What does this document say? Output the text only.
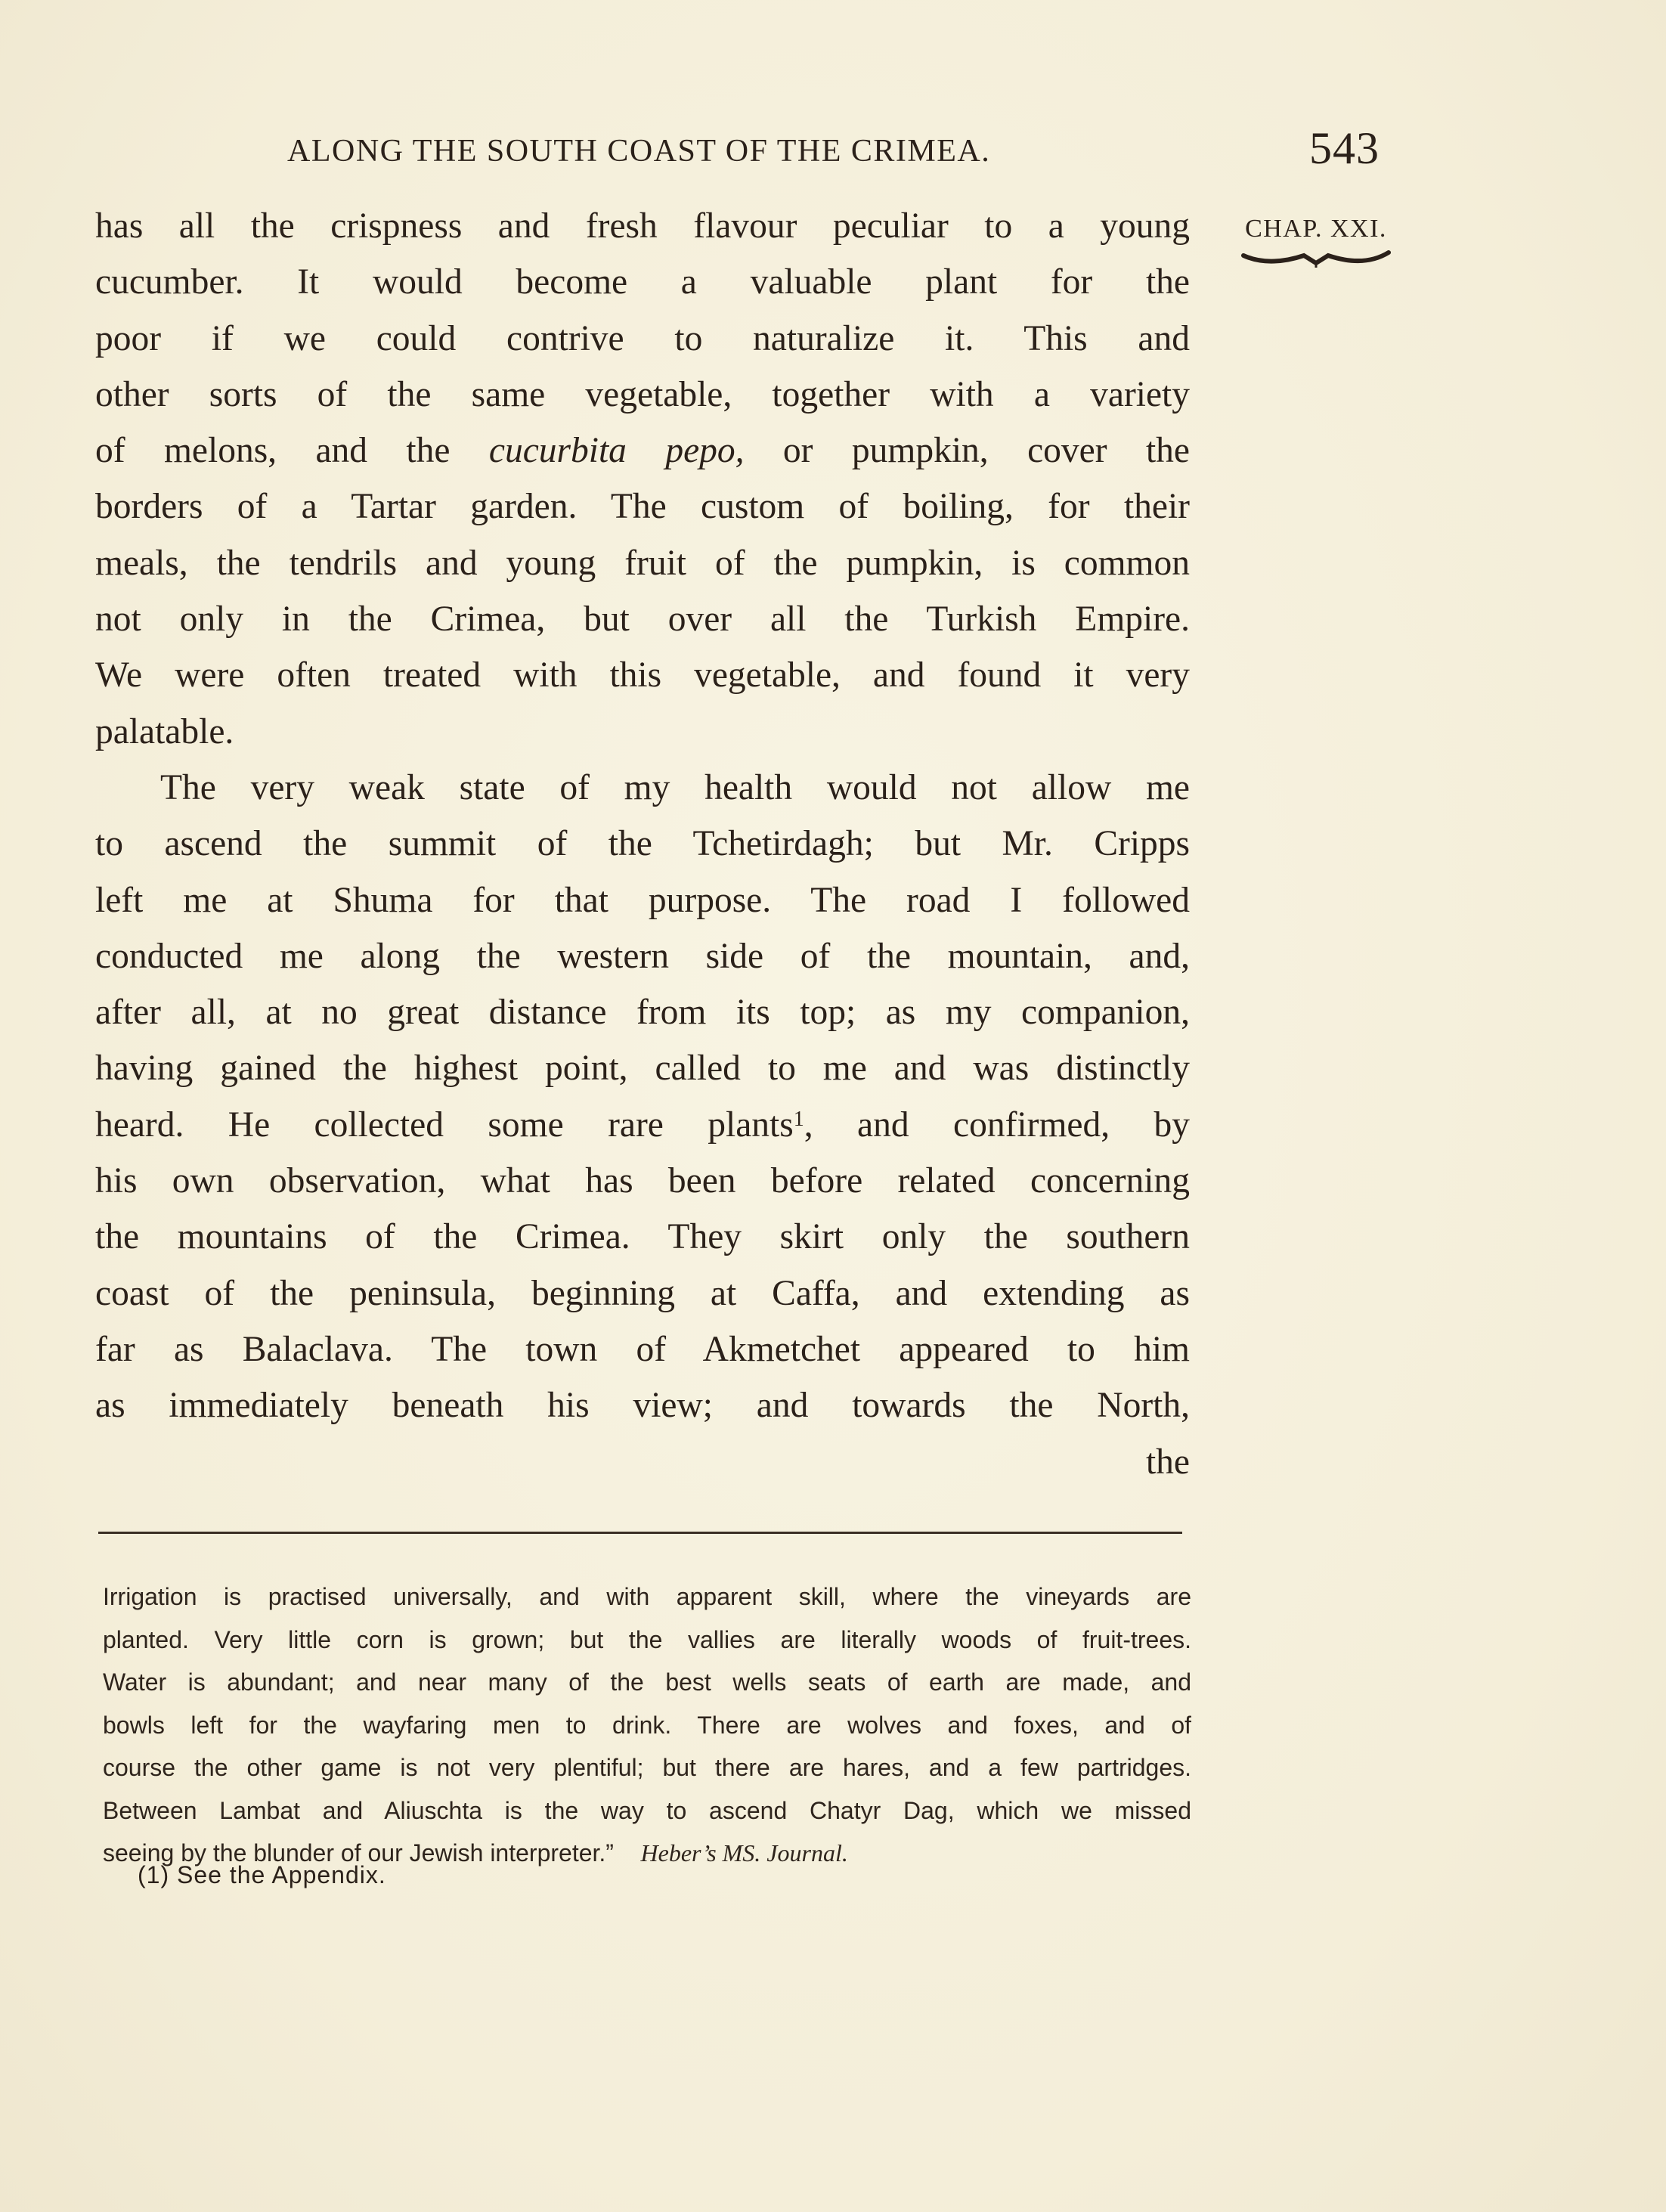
ALONG THE SOUTH COAST OF THE CRIMEA.	543
CHAP. XXI.
has all the crispness and fresh flavour peculiar to a young
cucumber. It would become a valuable plant for the
poor if we could contrive to naturalize it. This and
other sorts of the same vegetable, together with a variety
of melons, and the cucurbita pepo, or pumpkin, cover the
borders of a Tartar garden. The custom of boiling, for their
meals, the tendrils and young fruit of the pumpkin, is common
not only in the Crimea, but over all the Turkish Empire.
We were often treated with this vegetable, and found it very
palatable.
The very weak state of my health would not allow me
to ascend the summit of the Tchetirdagh; but Mr. Cripps
left me at Shuma for that purpose. The road I followed
conducted me along the western side of the mountain, and,
after all, at no great distance from its top; as my companion,
having gained the highest point, called to me and was distinctly
heard. He collected some rare plants$^1$, and confirmed, by
his own observation, what has been before related concerning
the mountains of the Crimea. They skirt only the southern
coast of the peninsula, beginning at Caffa, and extending as
far as Balaclava. The town of Akmetchet appeared to him
as immediately beneath his view; and towards the North,
the
Irrigation is practised universally, and with apparent skill, where the vineyards are
planted. Very little corn is grown; but the vallies are literally woods of fruit-trees.
Water is abundant; and near many of the best wells seats of earth are made, and
bowls left for the wayfaring men to drink. There are wolves and foxes, and of
course the other game is not very plentiful; but there are hares, and a few partridges.
Between Lambat and Aliuschta is the way to ascend Chatyr Dag, which we missed
seeing by the blunder of our Jewish interpreter.” Heber’s MS. Journal.
(1) See the Appendix.
